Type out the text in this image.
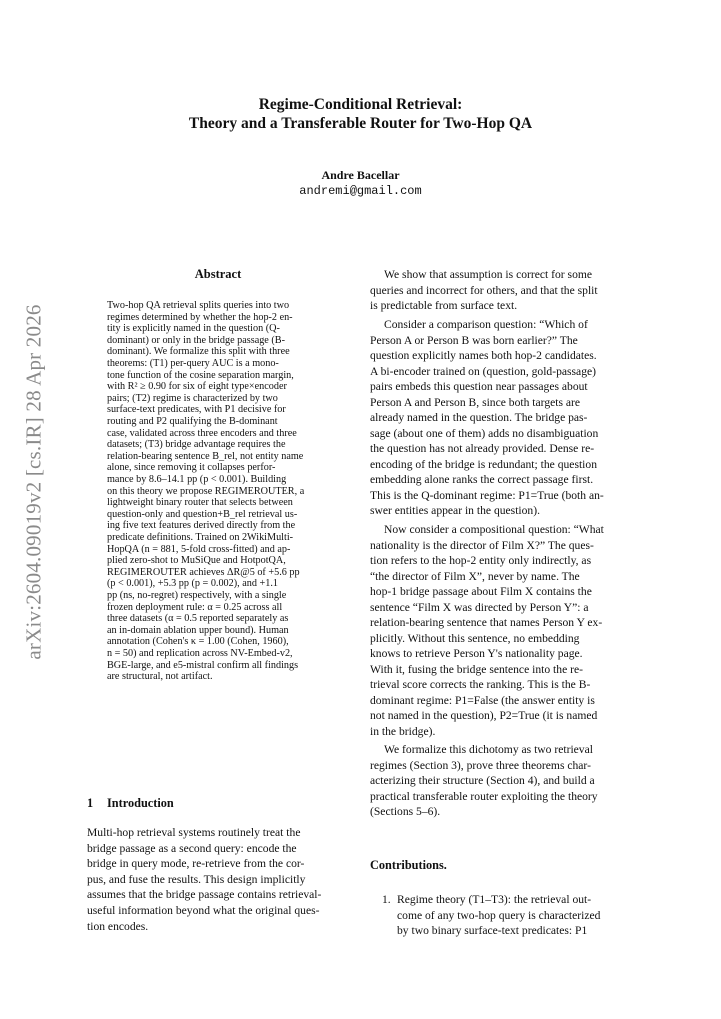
Regime-Conditional Retrieval:
Theory and a Transferable Router for Two-Hop QA
Andre Bacellar
andremi@gmail.com
arXiv:2604.09019v2 [cs.IR] 28 Apr 2026
Abstract
Two-hop QA retrieval splits queries into two
regimes determined by whether the hop-2 en-
tity is explicitly named in the question (Q-
dominant) or only in the bridge passage (B-
dominant). We formalize this split with three
theorems: (T1) per-query AUC is a mono-
tone function of the cosine separation margin,
with R² ≥ 0.90 for six of eight type×encoder
pairs; (T2) regime is characterized by two
surface-text predicates, with P1 decisive for
routing and P2 qualifying the B-dominant
case, validated across three encoders and three
datasets; (T3) bridge advantage requires the
relation-bearing sentence B_rel, not entity name
alone, since removing it collapses perfor-
mance by 8.6–14.1 pp (p < 0.001). Building
on this theory we propose REGIMEROUTER, a
lightweight binary router that selects between
question-only and question+B_rel retrieval us-
ing five text features derived directly from the
predicate definitions. Trained on 2WikiMulti-
HopQA (n = 881, 5-fold cross-fitted) and ap-
plied zero-shot to MuSiQue and HotpotQA,
REGIMEROUTER achieves ΔR@5 of +5.6 pp
(p < 0.001), +5.3 pp (p = 0.002), and +1.1
pp (ns, no-regret) respectively, with a single
frozen deployment rule: α = 0.25 across all
three datasets (α = 0.5 reported separately as
an in-domain ablation upper bound). Human
annotation (Cohen's κ = 1.00 (Cohen, 1960),
n = 50) and replication across NV-Embed-v2,
BGE-large, and e5-mistral confirm all findings
are structural, not artifact.
1 Introduction
Multi-hop retrieval systems routinely treat the
bridge passage as a second query: encode the
bridge in query mode, re-retrieve from the cor-
pus, and fuse the results. This design implicitly
assumes that the bridge passage contains retrieval-
useful information beyond what the original ques-
tion encodes.
We show that assumption is correct for some
queries and incorrect for others, and that the split
is predictable from surface text.
Consider a comparison question: “Which of
Person A or Person B was born earlier?” The
question explicitly names both hop-2 candidates.
A bi-encoder trained on (question, gold-passage)
pairs embeds this question near passages about
Person A and Person B, since both targets are
already named in the question. The bridge pas-
sage (about one of them) adds no disambiguation
the question has not already provided. Dense re-
encoding of the bridge is redundant; the question
embedding alone ranks the correct passage first.
This is the Q-dominant regime: P1=True (both an-
swer entities appear in the question).
Now consider a compositional question: “What
nationality is the director of Film X?” The ques-
tion refers to the hop-2 entity only indirectly, as
“the director of Film X”, never by name. The
hop-1 bridge passage about Film X contains the
sentence “Film X was directed by Person Y”: a
relation-bearing sentence that names Person Y ex-
plicitly. Without this sentence, no embedding
knows to retrieve Person Y's nationality page.
With it, fusing the bridge sentence into the re-
trieval score corrects the ranking. This is the B-
dominant regime: P1=False (the answer entity is
not named in the question), P2=True (it is named
in the bridge).
We formalize this dichotomy as two retrieval
regimes (Section 3), prove three theorems char-
acterizing their structure (Section 4), and build a
practical transferable router exploiting the theory
(Sections 5–6).
Contributions.
1. Regime theory (T1–T3): the retrieval out-
come of any two-hop query is characterized
by two binary surface-text predicates: P1
